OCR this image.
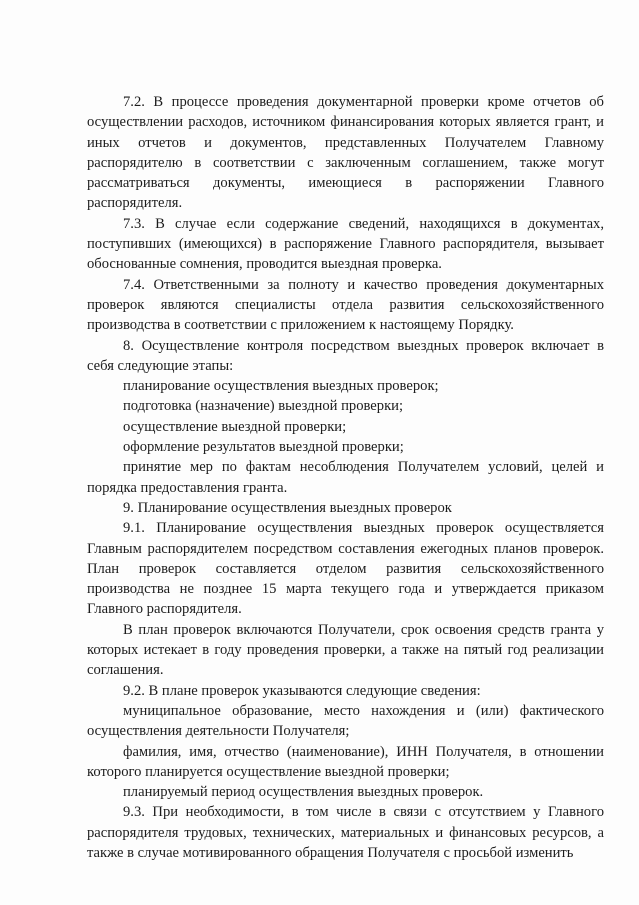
7.2. В процессе проведения документарной проверки кроме отчетов об осуществлении расходов, источником финансирования которых является грант, и иных отчетов и документов, представленных Получателем Главному распорядителю в соответствии с заключенным соглашением, также могут рассматриваться документы, имеющиеся в распоряжении Главного распорядителя.

7.3. В случае если содержание сведений, находящихся в документах, поступивших (имеющихся) в распоряжение Главного распорядителя, вызывает обоснованные сомнения, проводится выездная проверка.

7.4. Ответственными за полноту и качество проведения документарных проверок являются специалисты отдела развития сельскохозяйственного производства в соответствии с приложением к настоящему Порядку.

8. Осуществление контроля посредством выездных проверок включает в себя следующие этапы:

планирование осуществления выездных проверок;

подготовка (назначение) выездной проверки;

осуществление выездной проверки;

оформление результатов выездной проверки;

принятие мер по фактам несоблюдения Получателем условий, целей и порядка предоставления гранта.

9. Планирование осуществления выездных проверок

9.1. Планирование осуществления выездных проверок осуществляется Главным распорядителем посредством составления ежегодных планов проверок. План проверок составляется отделом развития сельскохозяйственного производства не позднее 15 марта текущего года и утверждается приказом Главного распорядителя.

В план проверок включаются Получатели, срок освоения средств гранта у которых истекает в году проведения проверки, а также на пятый год реализации соглашения.

9.2. В плане проверок указываются следующие сведения:

муниципальное образование, место нахождения и (или) фактического осуществления деятельности Получателя;

фамилия, имя, отчество (наименование), ИНН Получателя, в отношении которого планируется осуществление выездной проверки;

планируемый период осуществления выездных проверок.

9.3. При необходимости, в том числе в связи с отсутствием у Главного распорядителя трудовых, технических, материальных и финансовых ресурсов, а также в случае мотивированного обращения Получателя с просьбой изменить
